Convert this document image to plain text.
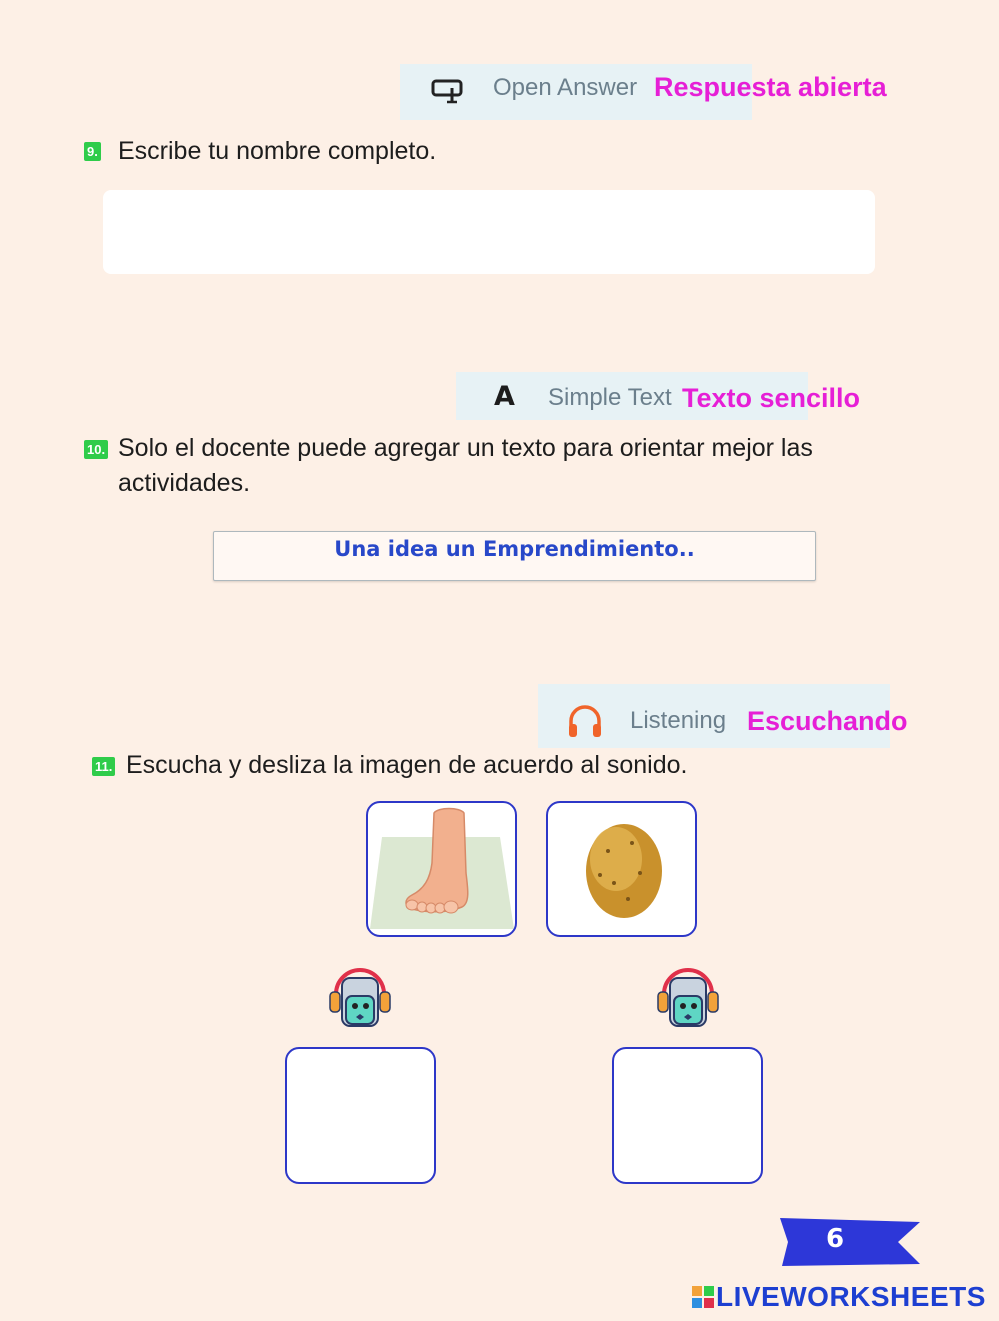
Open Answer Respuesta abierta
9. Escribe tu nombre completo.
A Simple Text Texto sencillo
10. Solo el docente puede agregar un texto para orientar mejor las
actividades.
Una idea un Emprendimiento..
Listening Escuchando
11. Escucha y desliza la imagen de acuerdo al sonido.
6
LIVEWORKSHEETS
